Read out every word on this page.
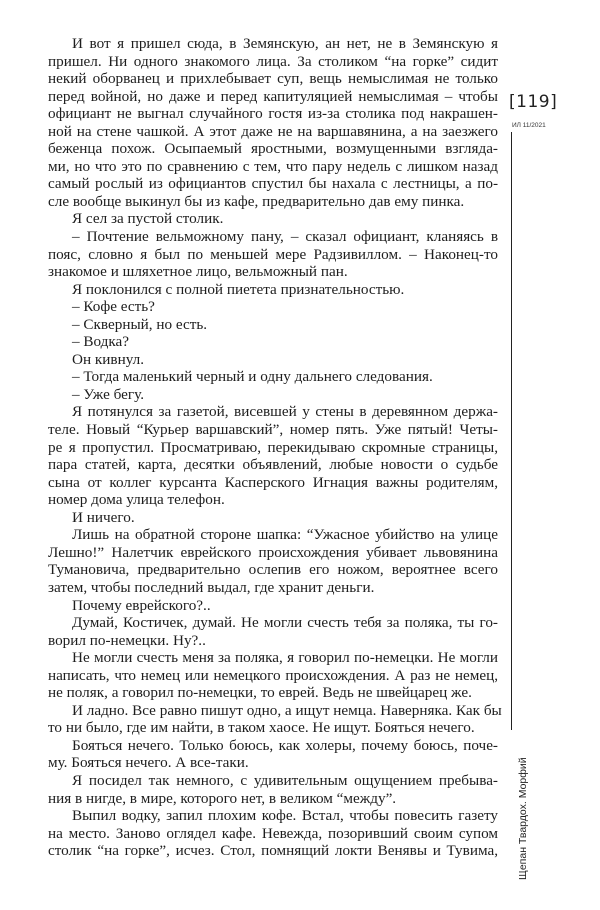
И вот я пришел сюда, в Земянскую, ан нет, не в Земянскую я
пришел. Ни одного знакомого лица. За столиком “на горке” сидит
некий оборванец и прихлебывает суп, вещь немыслимая не только
перед войной, но даже и перед капитуляцией немыслимая – чтобы
официант не выгнал случайного гостя из-за столика под накрашен-
ной на стене чашкой. А этот даже не на варшавянина, а на заезжего
беженца похож. Осыпаемый яростными, возмущенными взгляда-
ми, но что это по сравнению с тем, что пару недель с лишком назад
самый рослый из официантов спустил бы нахала с лестницы, а по-
сле вообще выкинул бы из кафе, предварительно дав ему пинка.
Я сел за пустой столик.
– Почтение вельможному пану, – сказал официант, кланяясь в
пояс, словно я был по меньшей мере Радзивиллом. – Наконец-то
знакомое и шляхетное лицо, вельможный пан.
Я поклонился с полной пиетета признательностью.
– Кофе есть?
– Скверный, но есть.
– Водка?
Он кивнул.
– Тогда маленький черный и одну дальнего следования.
– Уже бегу.
Я потянулся за газетой, висевшей у стены в деревянном держа-
теле. Новый “Курьер варшавский”, номер пять. Уже пятый! Четы-
ре я пропустил. Просматриваю, перекидываю скромные страницы,
пара статей, карта, десятки объявлений, любые новости о судьбе
сына от коллег курсанта Касперского Игнация важны родителям,
номер дома улица телефон.
И ничего.
Лишь на обратной стороне шапка: “Ужасное убийство на улице
Лешно!” Налетчик еврейского происхождения убивает львовянина
Тумановича, предварительно ослепив его ножом, вероятнее всего
затем, чтобы последний выдал, где хранит деньги.
Почему еврейского?..
Думай, Костичек, думай. Не могли счесть тебя за поляка, ты го-
ворил по-немецки. Ну?..
Не могли счесть меня за поляка, я говорил по-немецки. Не могли
написать, что немец или немецкого происхождения. А раз не немец,
не поляк, а говорил по-немецки, то еврей. Ведь не швейцарец же.
И ладно. Все равно пишут одно, а ищут немца. Наверняка. Как бы
то ни было, где им найти, в таком хаосе. Не ищут. Бояться нечего.
Бояться нечего. Только боюсь, как холеры, почему боюсь, поче-
му. Бояться нечего. А все-таки.
Я посидел так немного, с удивительным ощущением пребыва-
ния в нигде, в мире, которого нет, в великом “между”.
Выпил водку, запил плохим кофе. Встал, чтобы повесить газету
на место. Заново оглядел кафе. Невежда, позоривший своим супом
столик “на горке”, исчез. Стол, помнящий локти Венявы и Тувима,
[119]
ИЛ 11/2021
Щепан Твардох. Морфий
